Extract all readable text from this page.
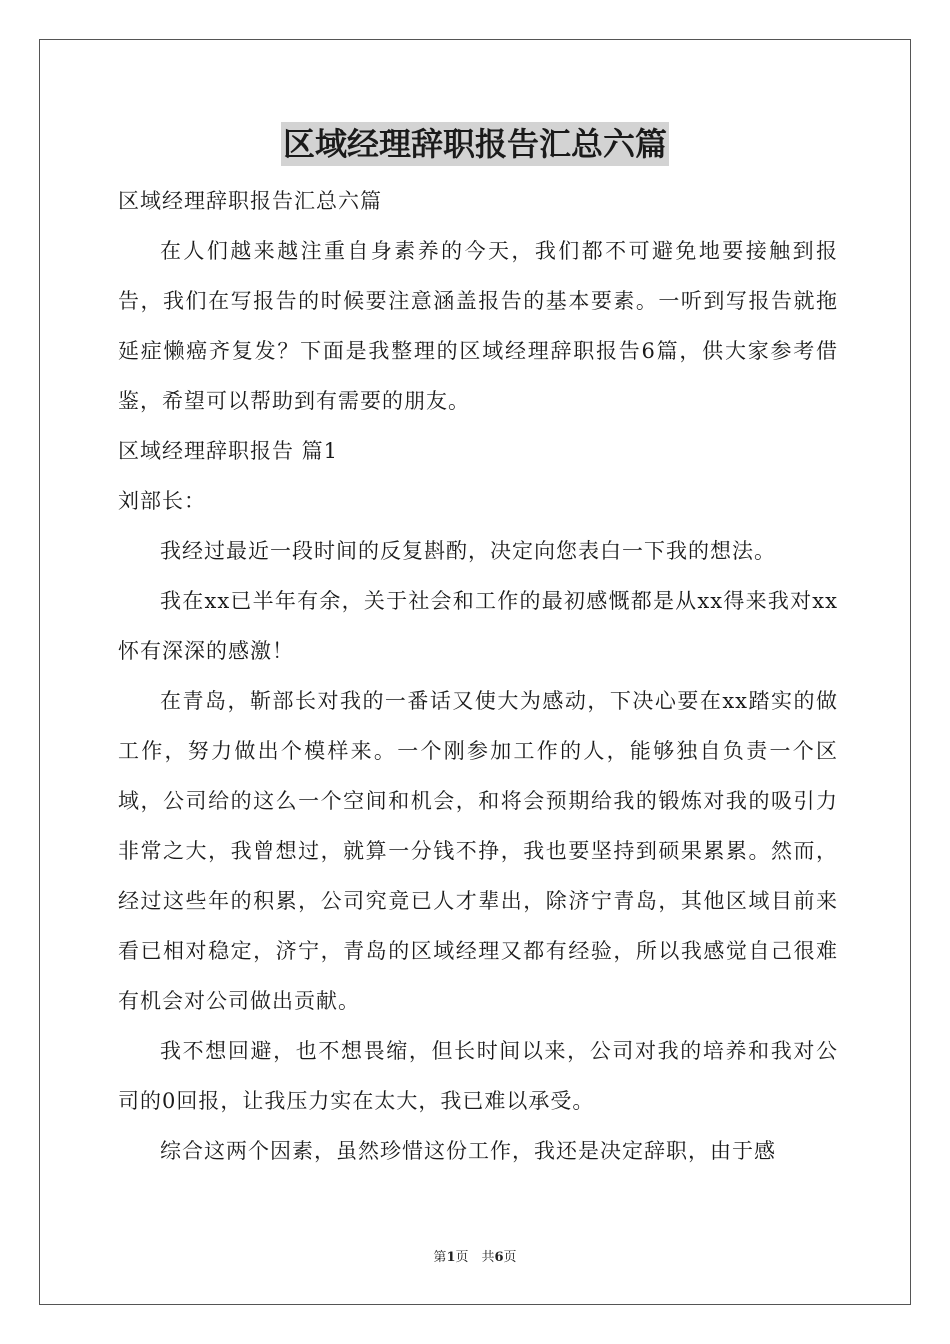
区域经理辞职报告汇总六篇

区域经理辞职报告汇总六篇

在人们越来越注重自身素养的今天，我们都不可避免地要接触到报告，我们在写报告的时候要注意涵盖报告的基本要素。一听到写报告就拖延症懒癌齐复发？下面是我整理的区域经理辞职报告6篇，供大家参考借鉴，希望可以帮助到有需要的朋友。

区域经理辞职报告 篇1

刘部长：

我经过最近一段时间的反复斟酌，决定向您表白一下我的想法。

我在xx已半年有余，关于社会和工作的最初感慨都是从xx得来我对xx怀有深深的感激！

在青岛，靳部长对我的一番话又使大为感动，下决心要在xx踏实的做工作，努力做出个模样来。一个刚参加工作的人，能够独自负责一个区域，公司给的这么一个空间和机会，和将会预期给我的锻炼对我的吸引力非常之大，我曾想过，就算一分钱不挣，我也要坚持到硕果累累。然而，经过这些年的积累，公司究竟已人才辈出，除济宁青岛，其他区域目前来看已相对稳定，济宁，青岛的区域经理又都有经验，所以我感觉自己很难有机会对公司做出贡献。

我不想回避，也不想畏缩，但长时间以来，公司对我的培养和我对公司的0回报，让我压力实在太大，我已难以承受。

综合这两个因素，虽然珍惜这份工作，我还是决定辞职，由于感

第1页　共6页
